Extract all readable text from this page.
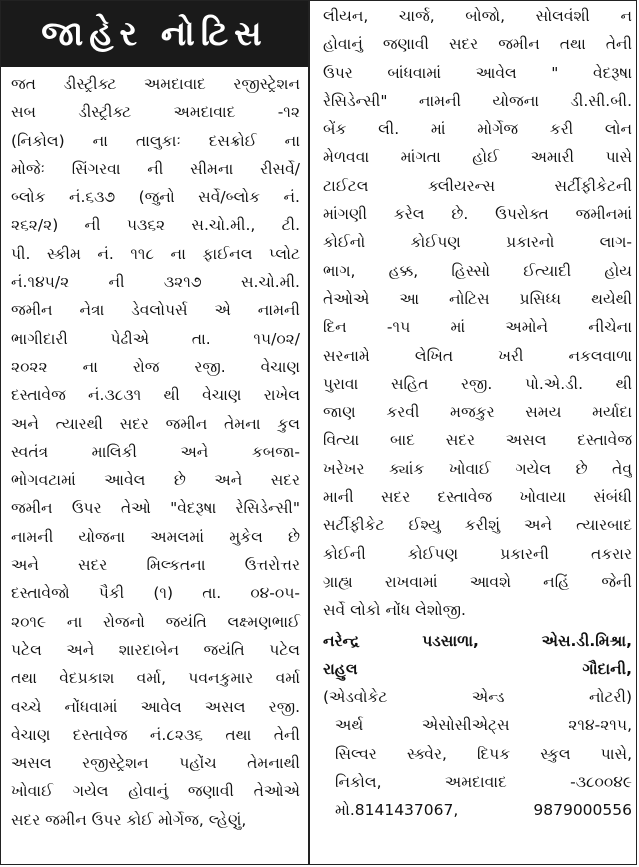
જાહેર નોટિસ
જત ડીસ્ટ્રીક્ટ અમદાવાદ રજીસ્ટ્રેશન
સબ ડીસ્ટ્રીક્ટ અમદાવાદ -૧૨
(નિકોલ) ના તાલુકાઃ દસક્રોઈ ના
મોજેઃ સિંગરવા ની સીમના રીસર્વે/
બ્લોક નં.૬૩૭ (જુનો સર્વે/બ્લોક નં.
૨૬૨/૨) ની ૫૩૬૨ સ.ચો.મી., ટી.
પી. સ્કીમ નં. ૧૧૮ ના ફાઈનલ પ્લોટ
નં.૧૪૫/૨ ની ૩૨૧૭ સ.ચો.મી.
જમીન નેત્રા ડેવલોપર્સ એ નામની
ભાગીદારી પેઢીએ તા. ૧૫/૦૨/
૨૦૨૨ ના રોજ રજી. વેચાણ
દસ્તાવેજ નં.૩૮૩૧ થી વેચાણ રાખેલ
અને ત્યારથી સદર જમીન તેમના કુલ
સ્વતંત્ર માલિકી અને કબજા-
ભોગવટામાં આવેલ છે અને સદર
જમીન ઉપર તેઓ "વેદરૂષા રેસિડેન્સી"
નામની યોજના અમલમાં મુકેલ છે
અને સદર મિલ્કતના ઉત્તરોત્તર
દસ્તાવેજો પૈકી (૧) તા. ૦૪-૦૫-
૨૦૧૯ ના રોજનો જયંતિ લક્ષ્મણભાઈ
પટેલ અને શારદાબેન જયંતિ પટેલ
તથા વેદપ્રકાશ વર્મા, પવનકુમાર વર્મા
વચ્ચે નોંધવામાં આવેલ અસલ રજી.
વેચાણ દસ્તાવેજ નં.૮૨૩૬ તથા તેની
અસલ રજીસ્ટ્રેશન પહોંચ તેમનાથી
ખોવાઈ ગયેલ હોવાનું જણાવી તેઓએ
સદર જમીન ઉપર કોઈ મોર્ગેજ, લ્હેણું,
લીયન, ચાર્જ, બોજો, સોલવંશી ન
હોવાનું જણાવી સદર જમીન તથા તેની
ઉપર બાંધવામાં આવેલ " વેદરૂષા
રેસિડેન્સી" નામની યોજના ડી.સી.બી.
બેંક લી. માં મોર્ગેજ કરી લોન
મેળવવા માંગતા હોઈ અમારી પાસે
ટાઈટલ ક્લીયરન્સ સર્ટીફીકેટની
માંગણી કરેલ છે. ઉપરોક્ત જમીનમાં
કોઈનો કોઈપણ પ્રકારનો લાગ-
ભાગ, હક્ક, હિસ્સો ઈત્યાદી હોય
તેઓએ આ નોટિસ પ્રસિધ્ધ થયેથી
દિન -૧૫ માં અમોને નીચેના
સરનામે લેખિત ખરી નકલવાળા
પુરાવા સહિત રજી. પો.એ.ડી. થી
જાણ કરવી મજકુર સમય મર્યાદા
વિત્યા બાદ સદર અસલ દસ્તાવેજ
ખરેખર ક્યાંક ખોવાઈ ગયેલ છે તેવુ
માની સદર દસ્તાવેજ ખોવાયા સંબંધી
સર્ટીફીકેટ ઈશ્યુ કરીશું અને ત્યારબાદ
કોઈની કોઈપણ પ્રકારની તકરાર
ગ્રાહ્ય રાખવામાં આવશે નહિં જેની
સર્વે લોકો નોંધ લેશોજી.
નરેન્દ્ર પડસાળા, એસ.ડી.મિશ્રા,
રાહુલ ગૌદાની,
(એડવોકેટ એન્ડ નોટરી)
અર્થ એસોસીએટ્સ ૨૧૪-૨૧૫,
સિલ્વર સ્ક્વેર, દિપક સ્કુલ પાસે,
નિકોલ, અમદાવાદ -૩૮૦૦૪૯
મો.8141437067, 9879000556
